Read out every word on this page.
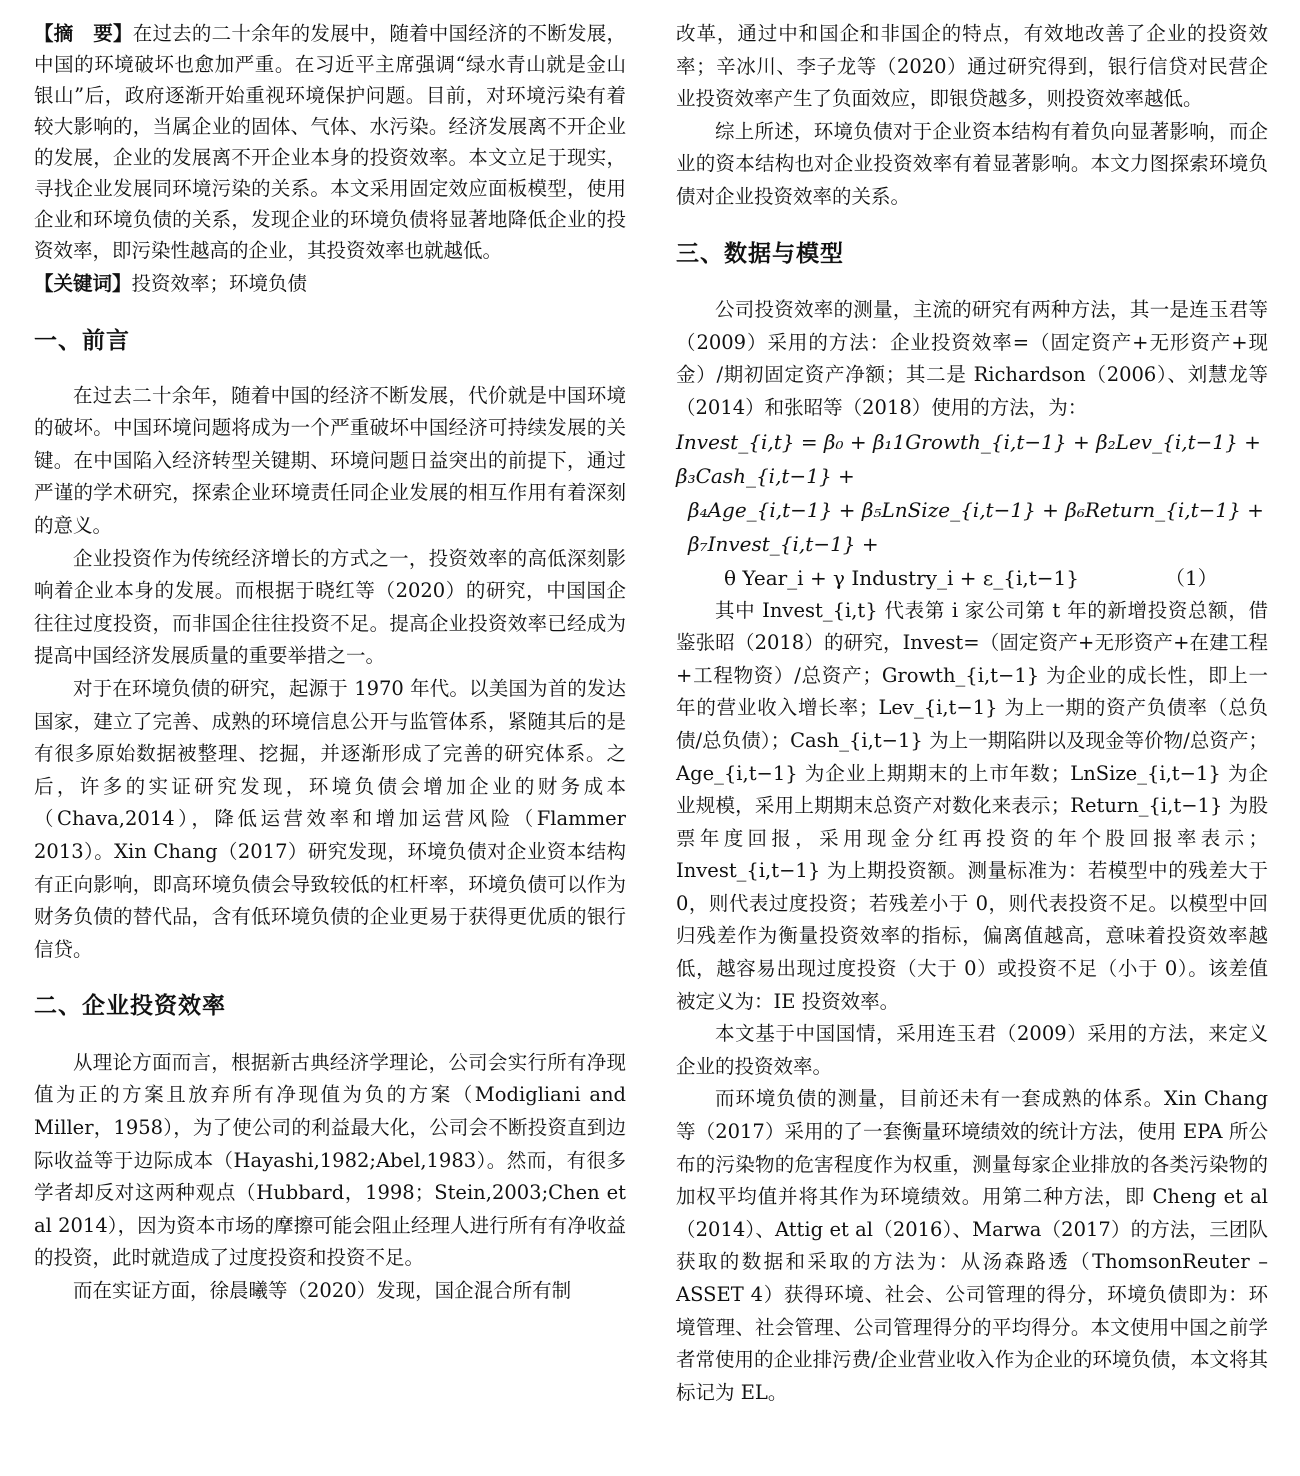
【摘　要】在过去的二十余年的发展中，随着中国经济的不断发展，中国的环境破坏也愈加严重。在习近平主席强调“绿水青山就是金山银山”后，政府逐渐开始重视环境保护问题。目前，对环境污染有着较大影响的，当属企业的固体、气体、水污染。经济发展离不开企业的发展，企业的发展离不开企业本身的投资效率。本文立足于现实，寻找企业发展同环境污染的关系。本文采用固定效应面板模型，使用企业和环境负债的关系，发现企业的环境负债将显著地降低企业的投资效率，即污染性越高的企业，其投资效率也就越低。

【关键词】投资效率；环境负债

一、前言

在过去二十余年，随着中国的经济不断发展，代价就是中国环境的破坏。中国环境问题将成为一个严重破坏中国经济可持续发展的关键。在中国陷入经济转型关键期、环境问题日益突出的前提下，通过严谨的学术研究，探索企业环境责任同企业发展的相互作用有着深刻的意义。

企业投资作为传统经济增长的方式之一，投资效率的高低深刻影响着企业本身的发展。而根据于晓红等（2020）的研究，中国国企往往过度投资，而非国企往往投资不足。提高企业投资效率已经成为提高中国经济发展质量的重要举措之一。

对于在环境负债的研究，起源于 1970 年代。以美国为首的发达国家，建立了完善、成熟的环境信息公开与监管体系，紧随其后的是有很多原始数据被整理、挖掘，并逐渐形成了完善的研究体系。之后，许多的实证研究发现，环境负债会增加企业的财务成本（Chava,2014），降低运营效率和增加运营风险（Flammer 2013）。Xin Chang（2017）研究发现，环境负债对企业资本结构有正向影响，即高环境负债会导致较低的杠杆率，环境负债可以作为财务负债的替代品，含有低环境负债的企业更易于获得更优质的银行信贷。

二、企业投资效率

从理论方面而言，根据新古典经济学理论，公司会实行所有净现值为正的方案且放弃所有净现值为负的方案（Modigliani and Miller，1958），为了使公司的利益最大化，公司会不断投资直到边际收益等于边际成本（Hayashi,1982;Abel,1983）。然而，有很多学者却反对这两种观点（Hubbard，1998；Stein,2003;Chen et al 2014），因为资本市场的摩擦可能会阻止经理人进行所有有净收益的投资，此时就造成了过度投资和投资不足。

而在实证方面，徐晨曦等（2020）发现，国企混合所有制

改革，通过中和国企和非国企的特点，有效地改善了企业的投资效率；辛冰川、李子龙等（2020）通过研究得到，银行信贷对民营企业投资效率产生了负面效应，即银贷越多，则投资效率越低。

综上所述，环境负债对于企业资本结构有着负向显著影响，而企业的资本结构也对企业投资效率有着显著影响。本文力图探索环境负债对企业投资效率的关系。

三、数据与模型

公司投资效率的测量，主流的研究有两种方法，其一是连玉君等（2009）采用的方法：企业投资效率=（固定资产+无形资产+现金）/期初固定资产净额；其二是 Richardson（2006）、刘慧龙等（2014）和张昭等（2018）使用的方法，为：

Invest_{i,t} = β₀ + β₁1Growth_{i,t−1} + β₂Lev_{i,t−1} + β₃Cash_{i,t−1} +
β₄Age_{i,t−1} + β₅LnSize_{i,t−1} + β₆Return_{i,t−1} + β₇Invest_{i,t−1} +
θ Year_i + γ Industry_i + ε_{i,t−1}	（1）

其中 Invest_{i,t} 代表第 i 家公司第 t 年的新增投资总额，借鉴张昭（2018）的研究，Invest=（固定资产+无形资产+在建工程+工程物资）/总资产；Growth_{i,t−1} 为企业的成长性，即上一年的营业收入增长率；Lev_{i,t−1} 为上一期的资产负债率（总负债/总负债）；Cash_{i,t−1} 为上一期陷阱以及现金等价物/总资产；Age_{i,t−1} 为企业上期期末的上市年数；LnSize_{i,t−1} 为企业规模，采用上期期末总资产对数化来表示；Return_{i,t−1} 为股票年度回报，采用现金分红再投资的年个股回报率表示；Invest_{i,t−1} 为上期投资额。测量标准为：若模型中的残差大于 0，则代表过度投资；若残差小于 0，则代表投资不足。以模型中回归残差作为衡量投资效率的指标，偏离值越高，意味着投资效率越低，越容易出现过度投资（大于 0）或投资不足（小于 0）。该差值被定义为：IE 投资效率。

本文基于中国国情，采用连玉君（2009）采用的方法，来定义企业的投资效率。

而环境负债的测量，目前还未有一套成熟的体系。Xin Chang 等（2017）采用的了一套衡量环境绩效的统计方法，使用 EPA 所公布的污染物的危害程度作为权重，测量每家企业排放的各类污染物的加权平均值并将其作为环境绩效。用第二种方法，即 Cheng et al（2014）、Attig et al（2016）、Marwa（2017）的方法，三团队获取的数据和采取的方法为：从汤森路透（ThomsonReuter – ASSET 4）获得环境、社会、公司管理的得分，环境负债即为：环境管理、社会管理、公司管理得分的平均得分。本文使用中国之前学者常使用的企业排污费/企业营业收入作为企业的环境负债，本文将其标记为 EL。
